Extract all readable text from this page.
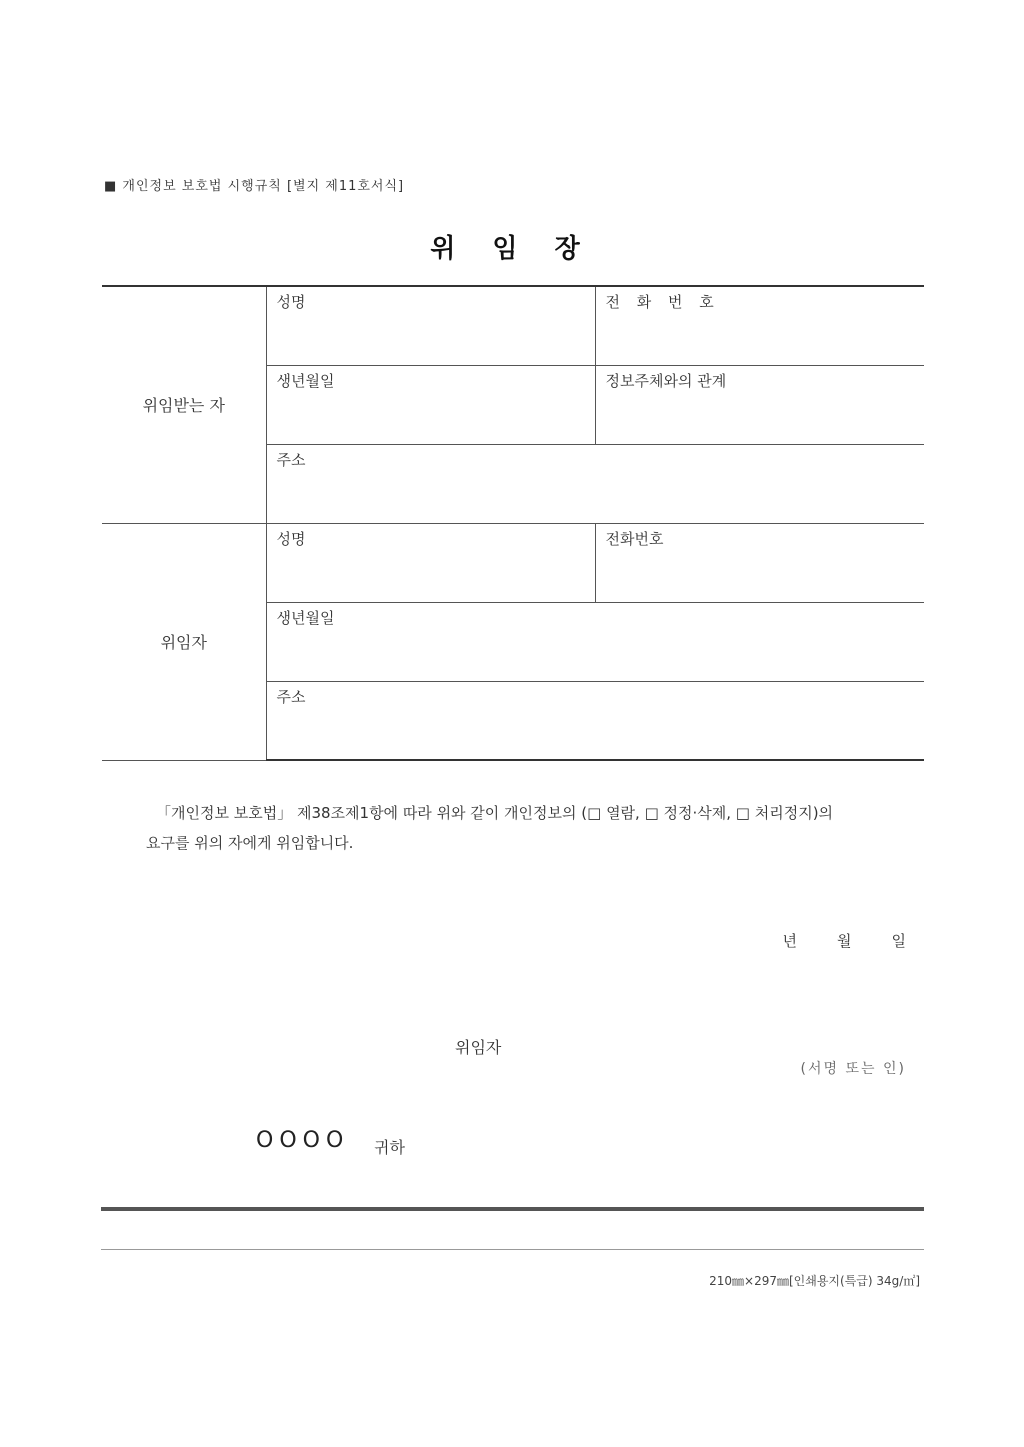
■ 개인정보 보호법 시행규칙 [별지 제11호서식]
위 임 장
위임받는 자	성명	전 화 번 호
	생년월일	정보주체와의 관계
	주소	
위임자	성명	전화번호
	생년월일	
	주소	
「개인정보 보호법」 제38조제1항에 따라 위와 같이 개인정보의 (□ 열람, □ 정정·삭제, □ 처리정지)의
요구를 위의 자에게 위임합니다.
년	월	일
위임자
(서명 또는 인)
OOOO 귀하
210㎜×297㎜[인쇄용지(특급) 34g/㎡]
